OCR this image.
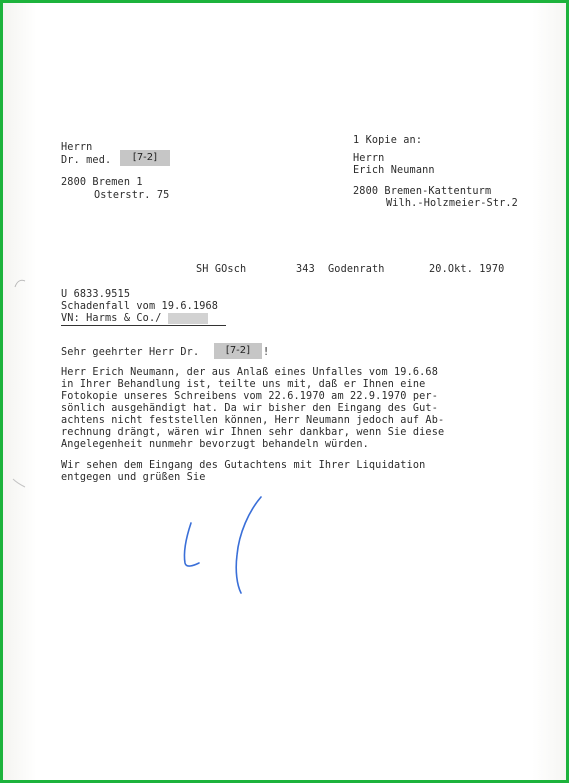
Herrn
Dr. med.	[7-2]
2800 Bremen 1
Osterstr. 75
1 Kopie an:
Herrn
Erich Neumann
2800 Bremen-Kattenturm
Wilh.-Holzmeier-Str.2
SH GOsch	343 Godenrath	20.Okt. 1970
U 6833.9515
Schadenfall vom 19.6.1968
VN: Harms & Co./
Sehr geehrter Herr Dr.	[7-2]	!
Herr Erich Neumann, der aus Anlaß eines Unfalles vom 19.6.68
in Ihrer Behandlung ist, teilte uns mit, daß er Ihnen eine
Fotokopie unseres Schreibens vom 22.6.1970 am 22.9.1970 per-
sönlich ausgehändigt hat. Da wir bisher den Eingang des Gut-
achtens nicht feststellen können, Herr Neumann jedoch auf Ab-
rechnung drängt, wären wir Ihnen sehr dankbar, wenn Sie diese
Angelegenheit nunmehr bevorzugt behandeln würden.
Wir sehen dem Eingang des Gutachtens mit Ihrer Liquidation
entgegen und grüßen Sie
